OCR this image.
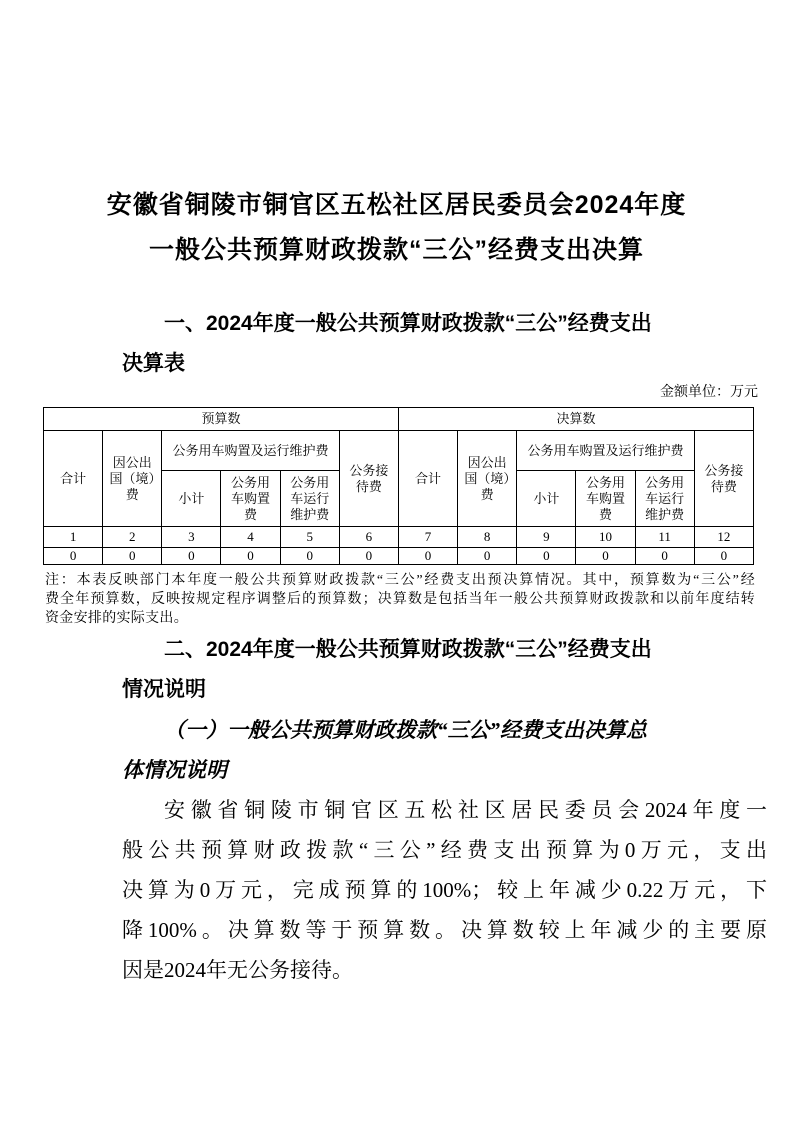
安徽省铜陵市铜官区五松社区居民委员会2024年度
一般公共预算财政拨款“三公”经费支出决算
一、2024年度一般公共预算财政拨款“三公”经费支出
决算表
金额单位：万元
预算数						决算数					
合计	因公出国（境）费	公务用车购置及运行维护费			公务接待费	合计	因公出国（境）费	公务用车购置及运行维护费			公务接待费
		小计	公务用车购置费	公务用车运行维护费				小计	公务用车购置费	公务用车运行维护费	
1	2	3	4	5	6	7	8	9	10	11	12
0	0	0	0	0	0	0	0	0	0	0	0
注：本表反映部门本年度一般公共预算财政拨款“三公”经费支出预决算情况。其中，预算数为“三公”经
费全年预算数，反映按规定程序调整后的预算数；决算数是包括当年一般公共预算财政拨款和以前年度结转
资金安排的实际支出。
二、2024年度一般公共预算财政拨款“三公”经费支出
情况说明
（一）一般公共预算财政拨款“三公”经费支出决算总
体情况说明
安徽省铜陵市铜官区五松社区居民委员会2024年度一
般公共预算财政拨款“三公”经费支出预算为0万元，支出
决算为0万元，完成预算的100%；较上年减少0.22万元，下
降100%。决算数等于预算数。决算数较上年减少的主要原
因是2024年无公务接待。
